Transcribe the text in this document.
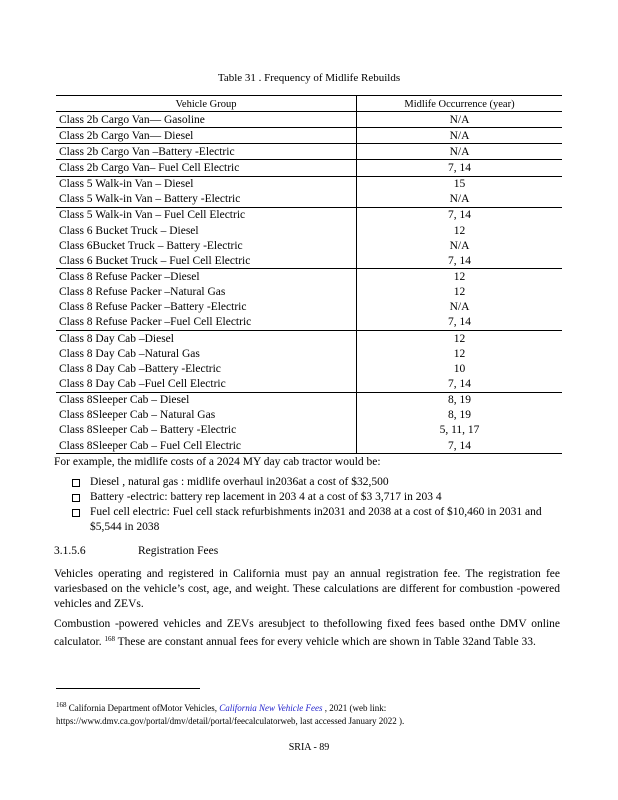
Table 31 . Frequency of Midlife Rebuilds
Vehicle Group	Midlife Occurrence (year)
Class 2b Cargo Van— Gasoline	N/A
Class 2b Cargo Van— Diesel	N/A
Class 2b Cargo Van –Battery -Electric	N/A
Class 2b Cargo Van– Fuel Cell Electric	7, 14
Class 5 Walk-in Van – Diesel	15
Class 5 Walk-in Van – Battery -Electric	N/A
Class 5 Walk-in Van – Fuel Cell Electric	7, 14
Class 6 Bucket Truck – Diesel	12
Class 6Bucket Truck – Battery -Electric	N/A
Class 6 Bucket Truck – Fuel Cell Electric	7, 14
Class 8 Refuse Packer –Diesel	12
Class 8 Refuse Packer –Natural Gas	12
Class 8 Refuse Packer –Battery -Electric	N/A
Class 8 Refuse Packer –Fuel Cell Electric	7, 14
Class 8 Day Cab –Diesel	12
Class 8 Day Cab –Natural Gas	12
Class 8 Day Cab –Battery -Electric	10
Class 8 Day Cab –Fuel Cell Electric	7, 14
Class 8Sleeper Cab – Diesel	8, 19
Class 8Sleeper Cab – Natural Gas	8, 19
Class 8Sleeper Cab – Battery -Electric	5, 11, 17
Class 8Sleeper Cab – Fuel Cell Electric	7, 14
For example, the midlife costs of a 2024 MY day cab tractor would be:
Diesel , natural gas : midlife overhaul in2036at a cost of $32,500
Battery -electric: battery rep lacement in 203 4 at a cost of $3 3,717 in 203 4
Fuel cell electric: Fuel cell stack refurbishments in2031 and 2038 at a cost of $10,460 in 2031 and $5,544 in 2038
3.1.5.6	Registration Fees
Vehicles operating and registered in California must pay an annual registration fee. The registration fee variesbased on the vehicle’s cost, age, and weight. These calculations are different for combustion -powered vehicles and ZEVs.
Combustion -powered vehicles and ZEVs aresubject to thefollowing fixed fees based onthe DMV online calculator. $^{168}$ These are constant annual fees for every vehicle which are shown in Table 32and Table 33.
$^{168}$ California Department ofMotor Vehicles, California New Vehicle Fees , 2021 (web link: https://www.dmv.ca.gov/portal/dmv/detail/portal/feecalculatorweb, last accessed January 2022 ).
SRIA - 89
